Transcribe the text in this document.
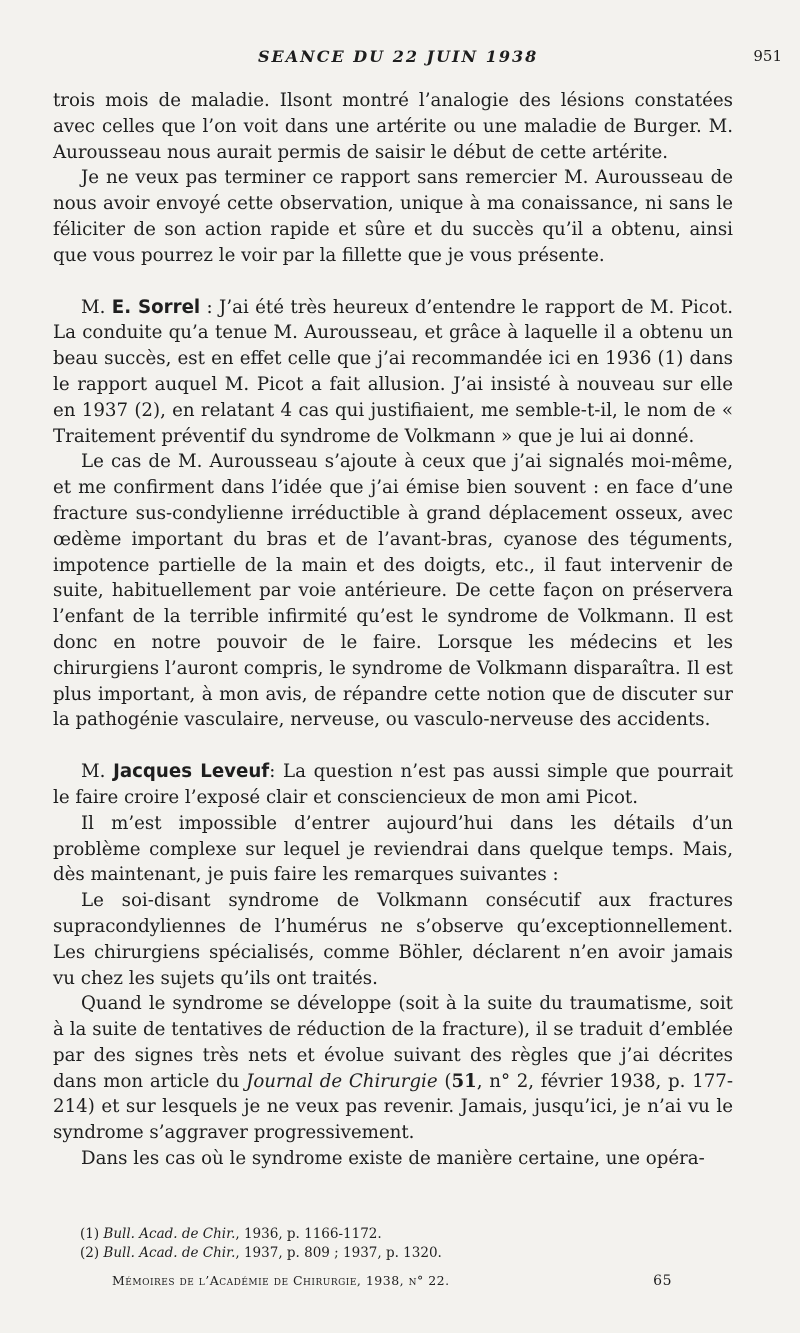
SEANCE DU 22 JUIN 1938	951

trois mois de maladie. Ilsont montré l’analogie des lésions constatées avec celles que l’on voit dans une artérite ou une maladie de Burger. M. Aurousseau nous aurait permis de saisir le début de cette artérite.

Je ne veux pas terminer ce rapport sans remercier M. Aurousseau de nous avoir envoyé cette observation, unique à ma conaissance, ni sans le féliciter de son action rapide et sûre et du succès qu’il a obtenu, ainsi que vous pourrez le voir par la fillette que je vous présente.

M. E. Sorrel : J’ai été très heureux d’entendre le rapport de M. Picot. La conduite qu’a tenue M. Aurousseau, et grâce à laquelle il a obtenu un beau succès, est en effet celle que j’ai recommandée ici en 1936 (1) dans le rapport auquel M. Picot a fait allusion. J’ai insisté à nouveau sur elle en 1937 (2), en relatant 4 cas qui justifiaient, me semble-t-il, le nom de « Traitement préventif du syndrome de Volkmann » que je lui ai donné.

Le cas de M. Aurousseau s’ajoute à ceux que j’ai signalés moi-même, et me confirment dans l’idée que j’ai émise bien souvent : en face d’une fracture sus-condylienne irréductible à grand déplacement osseux, avec œdème important du bras et de l’avant-bras, cyanose des téguments, impotence partielle de la main et des doigts, etc., il faut intervenir de suite, habituellement par voie antérieure. De cette façon on préservera l’enfant de la terrible infirmité qu’est le syndrome de Volkmann. Il est donc en notre pouvoir de le faire. Lorsque les médecins et les chirurgiens l’auront compris, le syndrome de Volkmann disparaîtra. Il est plus important, à mon avis, de répandre cette notion que de discuter sur la pathogénie vasculaire, nerveuse, ou vasculo-nerveuse des accidents.

M. Jacques Leveuf: La question n’est pas aussi simple que pourrait le faire croire l’exposé clair et consciencieux de mon ami Picot.

Il m’est impossible d’entrer aujourd’hui dans les détails d’un problème complexe sur lequel je reviendrai dans quelque temps. Mais, dès maintenant, je puis faire les remarques suivantes :

Le soi-disant syndrome de Volkmann consécutif aux fractures supracondyliennes de l’humérus ne s’observe qu’exceptionnellement. Les chirurgiens spécialisés, comme Böhler, déclarent n’en avoir jamais vu chez les sujets qu’ils ont traités.

Quand le syndrome se développe (soit à la suite du traumatisme, soit à la suite de tentatives de réduction de la fracture), il se traduit d’emblée par des signes très nets et évolue suivant des règles que j’ai décrites dans mon article du Journal de Chirurgie (51, n° 2, février 1938, p. 177-214) et sur lesquels je ne veux pas revenir. Jamais, jusqu’ici, je n’ai vu le syndrome s’aggraver progressivement.

Dans les cas où le syndrome existe de manière certaine, une opéra-

(1) Bull. Acad. de Chir., 1936, p. 1166-1172.
(2) Bull. Acad. de Chir., 1937, p. 809 ; 1937, p. 1320.
Mémoires de l’Académie de Chirurgie, 1938, n° 22.	65
